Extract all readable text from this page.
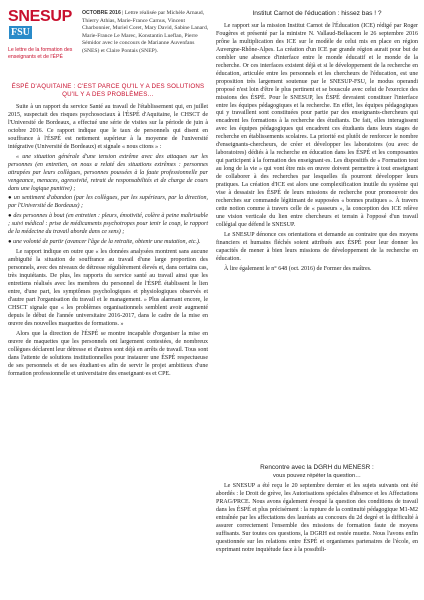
SNESUPFSU
Le lettre de la formation des enseignants et de l'ÉPÉ
OCTOBRE 2016 | Lettre réalisée par Michèle Arnaud, Thierry Athias, Marie-France Carnus, Vincent Charbonnier, Muriel Coret, Mary David, Sabine Lanard, Marie-France Le Marec, Konstantin Lueflan, Pierre Sémidor avec le concours de Marianne Auvenfans (SNES) et Claire Pontais (SNEP).
ÉSPÉ D'AQUITAINE : C'EST PARCE QU'IL Y A DES SOLUTIONS QU'IL Y A DES PROBLÈMES…

Suite à un rapport du service Santé au travail de l'établissement qui, en juillet 2015, suspectait des risques psychosociaux à l'ÉSPÉ d'Aquitaine, le CHSCT de l'Université de Bordeaux, a effectué une série de visites sur la période de juin à octobre 2016. Ce rapport indique que le taux de personnels qui disent en souffrance à l'ÉSPÉ est nettement supérieur à la moyenne de l'université intégrative (Université de Bordeaux) et signale « nous citons » :

« une situation générale d'une tension extrême avec des attaques sur les personnes (en entretien, on nous a relaté des situations extrêmes : personnes attrapées par leurs collègues, personnes poussées à la faute professionnelle par vengeance, menaces, agressivité, retrait de responsabilités et de charge de cours dans une logique punitive) ;

● un sentiment d'abandon (par les collègues, par les supérieurs, par la direction, par l'Université de Bordeaux) ;

● des personnes à bout (en entretien : pleurs, émotivité, colère à peine maîtrisable ; suivi médical : prise de médicaments psychotropes pour tenir le coup, le rapport de la médecine du travail aborde dans ce sens) ;

● une volonté de partir (avancer l'âge de la retraite, obtenir une mutation, etc.).

Le rapport indique en outre que « les données analysées montrent sans aucune ambiguïté la situation de souffrance au travail d'une large proportion des personnels, avec des niveaux de détresse régulièrement élevés et, dans certains cas, très inquiétants. De plus, les rapports du service santé au travail ainsi que les entretiens réalisés avec les membres du personnel de l'ÉSPÉ établissent le lien entre, d'une part, les symptômes psychologiques et physiologiques observés et d'autre part l'organisation du travail et le management. » Plus alarmant encore, le CHSCT signale que « les problèmes organisationnels semblent avoir augmenté depuis le début de l'année universitaire 2016-2017, dans le cadre de la mise en œuvre des nouvelles maquettes de formations. »

Alors que la direction de l'ÉSPÉ se montre incapable d'organiser la mise en œuvre de maquettes que les personnels ont largement contestées, de nombreux collègues déclarent leur détresse et d'autres sont déjà en arrêts de travail. Tous sont dans l'attente de solutions institutionnelles pour instaurer une ÉSPÉ respectueuse de ses personnels et de ses étudiant·es afin de servir le projet ambitieux d'une formation professionnelle et universitaire des enseignant·es et CPE.

Institut Carnot de l'éducation : hissez bas ! ?

Le rapport sur la mission Institut Carnot de l'Éducation (ICE) rédigé par Roger Fougères et présenté par la ministre N. Vallaud-Belkacem le 26 septembre 2016 prône la multiplication des ICE sur le modèle de celui mis en place en région Auvergne-Rhône-Alpes. La création d'un ICE par grande région aurait pour but de combler une absence d'interface entre le monde éducatif et le monde de la recherche. Or ces interfaces existent déjà et si le développement de la recherche en éducation, articulée entre les personnels et les chercheurs de l'éducation, est une proposition très largement soutenue par le SNESUP-FSU, le modus operandi proposé n'est loin d'être le plus pertinent et se bouscule avec celui de l'exercice des missions des ÉSPÉ. Pour le SNESUP, les ÉSPÉ devraient constituer l'interface entre les équipes pédagogiques et la recherche. En effet, les équipes pédagogiques qui y travaillent sont constituées pour partie par des enseignants-chercheurs qui encadrent les formations à la recherche des étudiants. De fait, elles interagissent avec les équipes pédagogiques qui encadrent ces étudiants dans leurs stages de recherche en établissements scolaires. La priorité est plutôt de renforcer le nombre d'enseignants-chercheurs, de créer et développer les laboratoires (ou avec de laboratoires) dédiés à la recherche en éducation dans les ÉSPÉ et les composantes qui participent à la formation des enseignant·es. Les dispositifs de « Formation tout au long de la vie » qui vont être mis en œuvre doivent permettre à tout enseignant de collaborer à des recherches par lesquelles ils pourront développer leurs pratiques. La création d'ICE est alors une complexification inutile du système qui vise à dessaisir les ÉSPÉ de leurs missions de recherche pour promouvoir des recherches sur commande légitimant de supposées « bonnes pratiques ». À travers cette notion comme à travers celle de « passeurs », la conception des ICE relève une vision verticale du lien entre chercheurs et terrain à l'opposé d'un travail collégial que défend le SNESUP.

Le SNESUP dénonce ces orientations et demande au contraire que des moyens financiers et humains fléchés soient attribués aux ÉSPÉ pour leur donner les capacités de mener à bien leurs missions de développement de la recherche en éducation.

À lire également le n° 648 (oct. 2016) de Former des maîtres.

Rencontre avec la DGRH du MENESR :
vous pouvez répéter la question…

Le SNESUP a été reçu le 20 septembre dernier et les sujets suivants ont été abordés : le Droit de grève, les Autorisations spéciales d'absence et les Affectations PRAG/PRCE. Nous avons également évoqué la question des conditions de travail dans les ÉSPÉ et plus précisément : la rupture de la continuité pédagogique M1-M2 entraînée par les affectations des lauréats au concours du 2d degré et la difficulté à assurer correctement l'ensemble des missions de formation faute de moyens suffisants. Sur toutes ces questions, la DGRH est restée muette. Nous l'avons enfin questionnée sur les relations entre ÉSPÉ et organismes partenaires de l'école, en exprimant notre inquiétude face à la possibili-
